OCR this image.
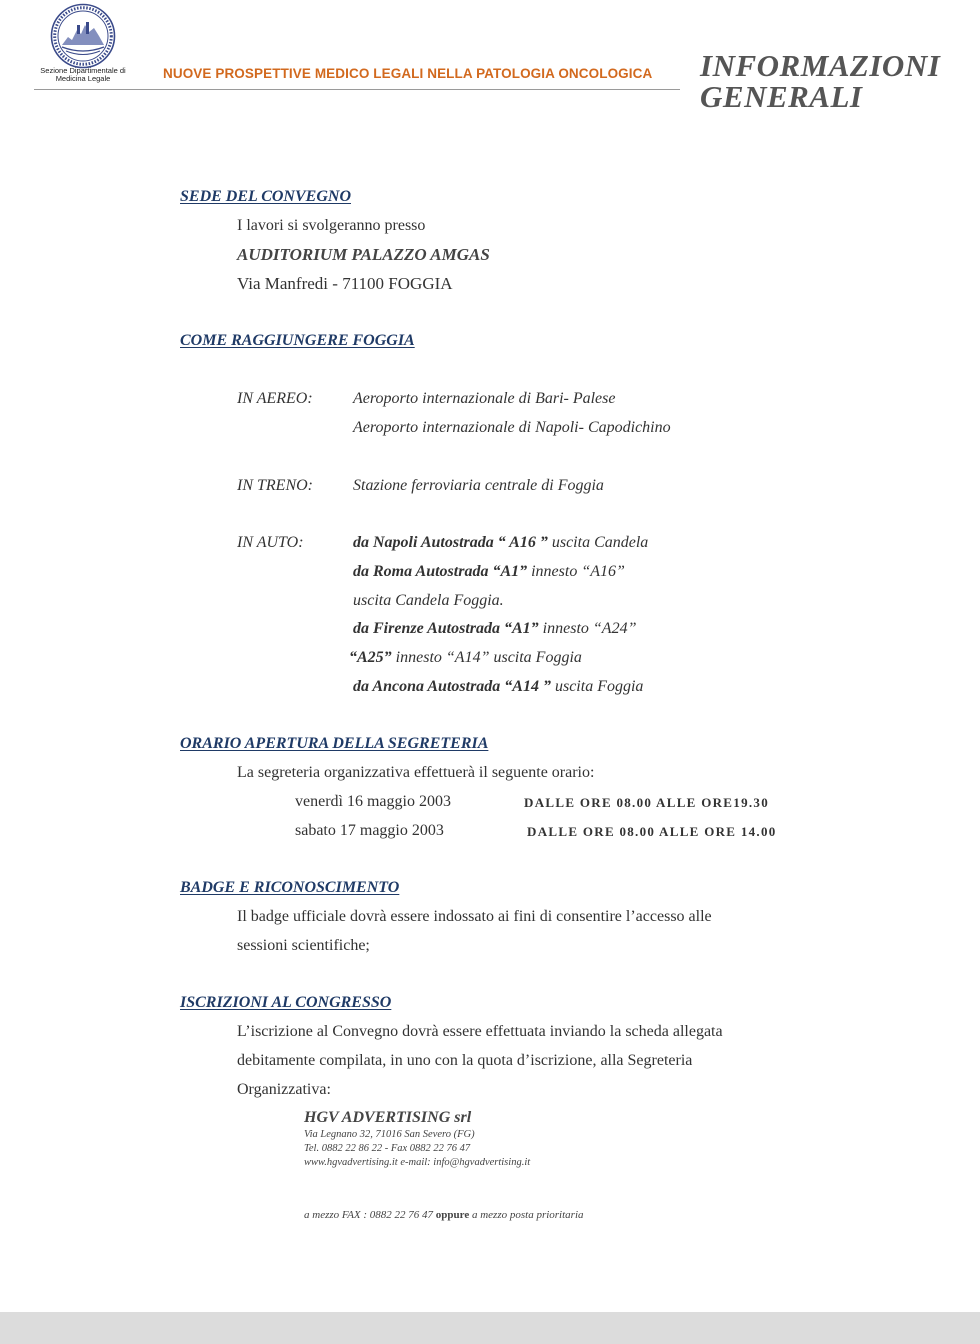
Sezione Dipartimentale di Medicina Legale	NUOVE PROSPETTIVE MEDICO LEGALI NELLA PATOLOGIA ONCOLOGICA INFORMAZIONI
GENERALI
SEDE DEL CONVEGNO
I lavori si svolgeranno presso
AUDITORIUM PALAZZO AMGAS
Via Manfredi - 71100 FOGGIA
COME RAGGIUNGERE FOGGIA
IN AEREO:	Aeroporto internazionale di Bari- Palese
Aeroporto internazionale di Napoli- Capodichino
IN TRENO:	Stazione ferroviaria centrale di Foggia
IN AUTO:	da Napoli Autostrada “ A16 ” uscita Candela
da Roma Autostrada “A1” innesto “A16”
uscita Candela Foggia.
da Firenze Autostrada “A1” innesto “A24”
“A25” innesto “A14” uscita Foggia
da Ancona Autostrada “A14 ” uscita Foggia
ORARIO APERTURA DELLA SEGRETERIA
La segreteria organizzativa effettuerà il seguente orario:
venerdì 16 maggio 2003	DALLE ORE 08.00 ALLE ORE19.30
sabato 17 maggio 2003	DALLE ORE 08.00 ALLE ORE 14.00
BADGE E RICONOSCIMENTO
Il badge ufficiale dovrà essere indossato ai fini di consentire l’accesso alle
sessioni scientifiche;
ISCRIZIONI AL CONGRESSO
L’iscrizione al Convegno dovrà essere effettuata inviando la scheda allegata
debitamente compilata, in uno con la quota d’iscrizione, alla Segreteria
Organizzativa:
HGV ADVERTISING srl
Via Legnano 32, 71016 San Severo (FG)
Tel. 0882 22 86 22 - Fax 0882 22 76 47
www.hgvadvertising.it e-mail: info@hgvadvertising.it
a mezzo FAX : 0882 22 76 47 oppure a mezzo posta prioritaria
